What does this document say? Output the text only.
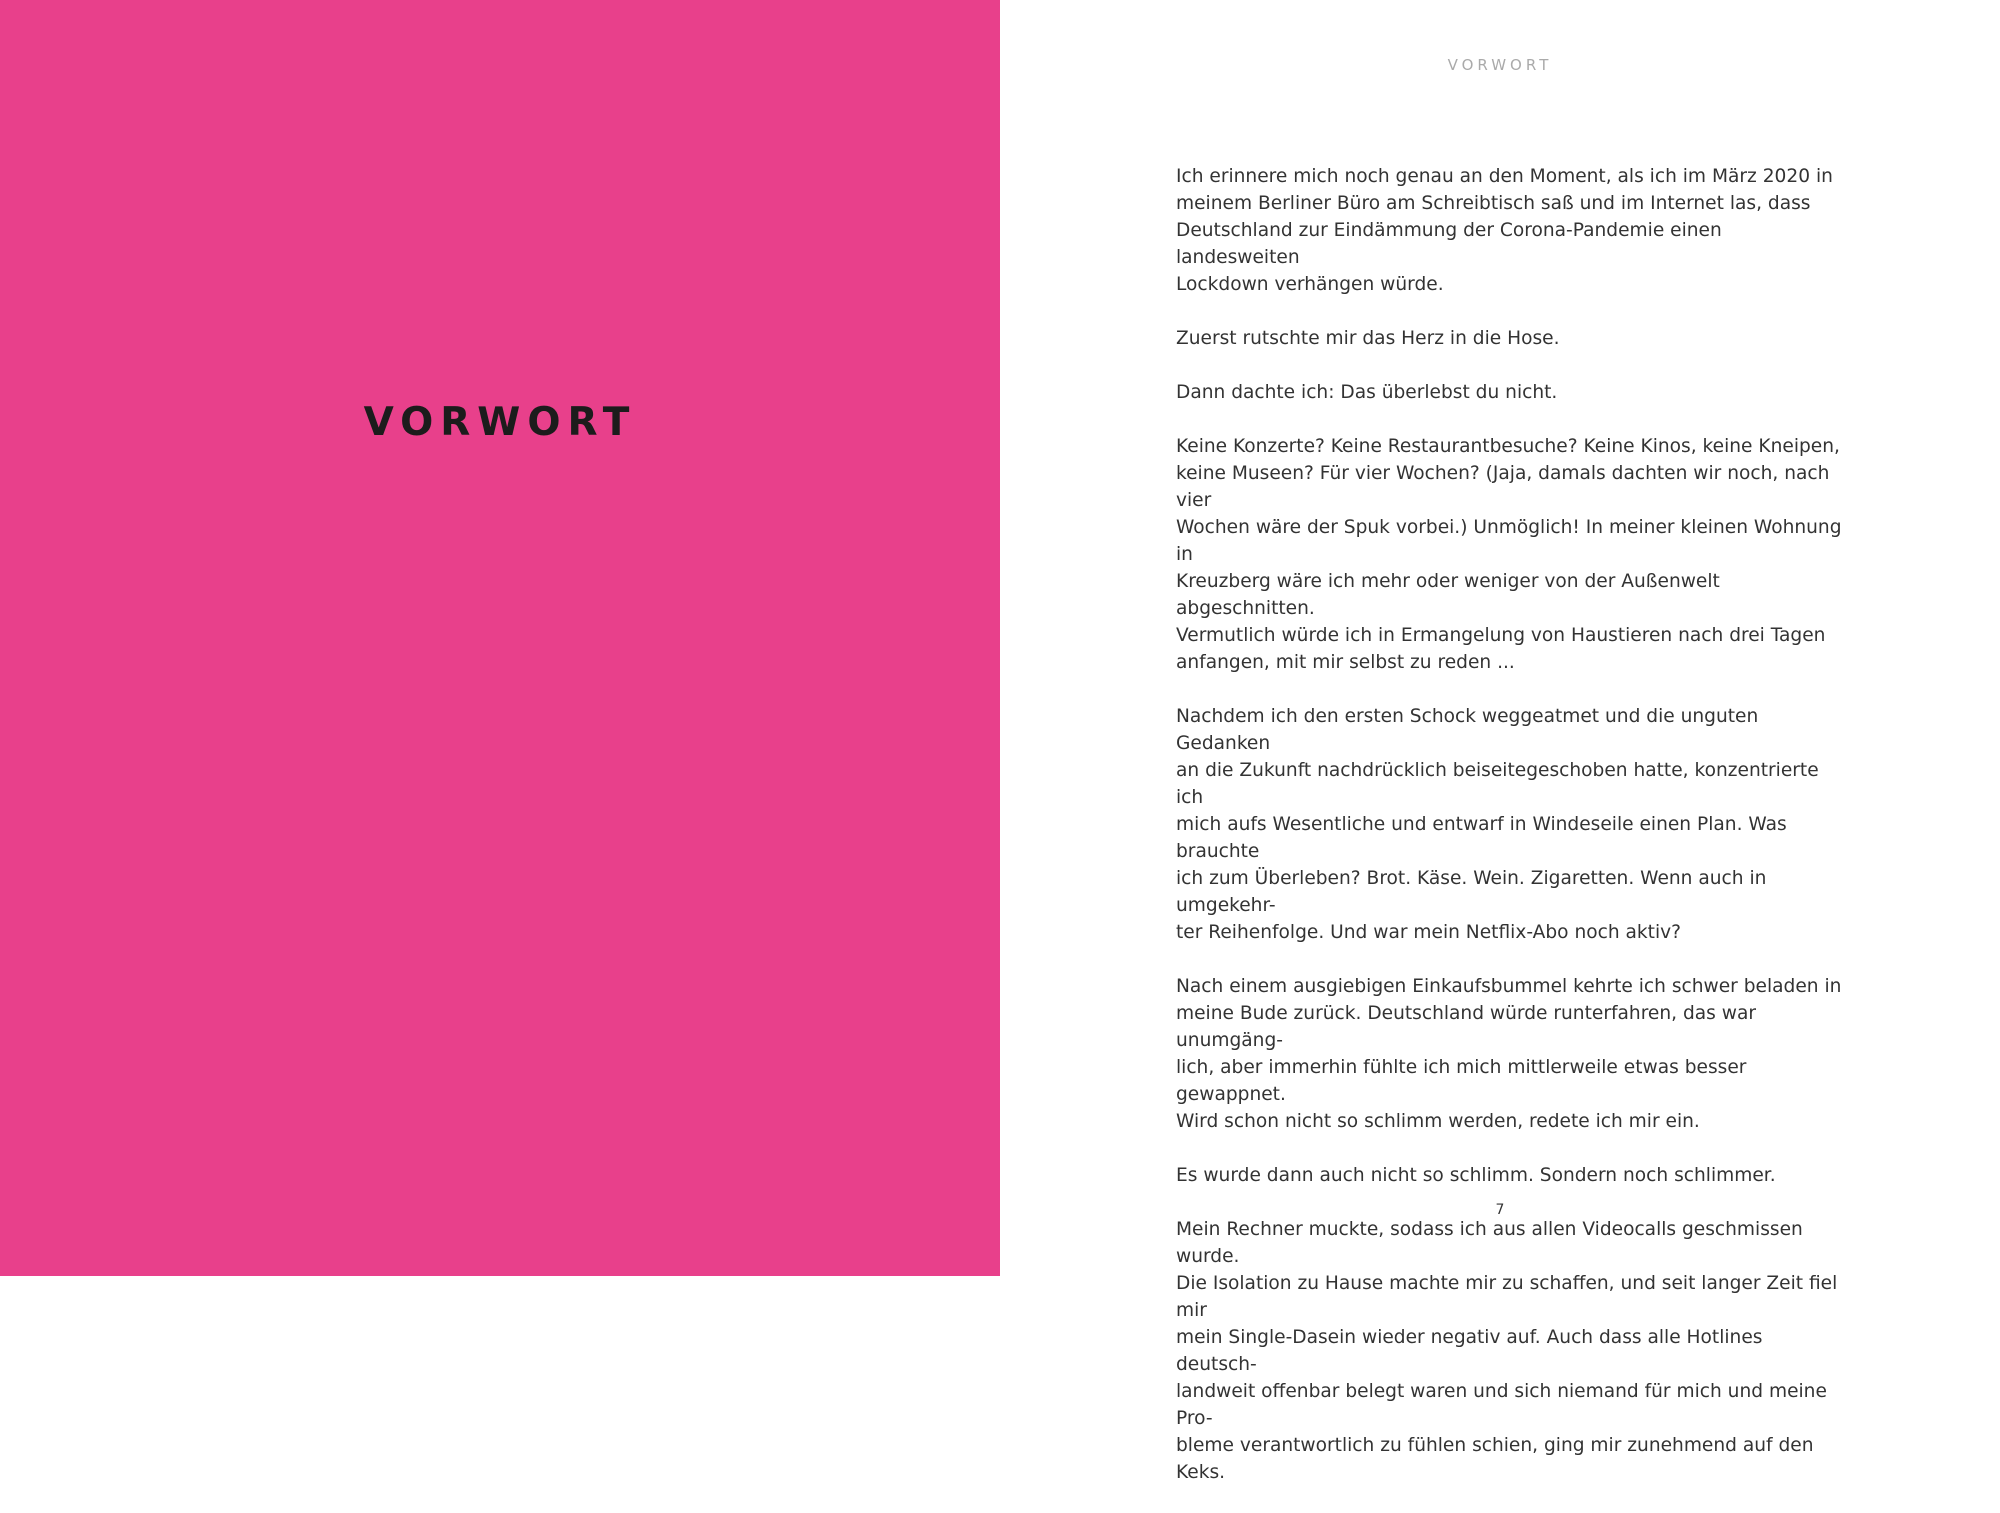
VORWORT
VORWORT

Ich erinnere mich noch genau an den Moment, als ich im März 2020 in
meinem Berliner Büro am Schreibtisch saß und im Internet las, dass
Deutschland zur Eindämmung der Corona-Pandemie einen landesweiten
Lockdown verhängen würde.

Zuerst rutschte mir das Herz in die Hose.

Dann dachte ich: Das überlebst du nicht.

Keine Konzerte? Keine Restaurantbesuche? Keine Kinos, keine Kneipen,
keine Museen? Für vier Wochen? (Jaja, damals dachten wir noch, nach vier
Wochen wäre der Spuk vorbei.) Unmöglich! In meiner kleinen Wohnung in
Kreuzberg wäre ich mehr oder weniger von der Außenwelt abgeschnitten.
Vermutlich würde ich in Ermangelung von Haustieren nach drei Tagen
anfangen, mit mir selbst zu reden ...

Nachdem ich den ersten Schock weggeatmet und die unguten Gedanken
an die Zukunft nachdrücklich beiseitegeschoben hatte, konzentrierte ich
mich aufs Wesentliche und entwarf in Windeseile einen Plan. Was brauchte
ich zum Überleben? Brot. Käse. Wein. Zigaretten. Wenn auch in umgekehr-
ter Reihenfolge. Und war mein Netflix-Abo noch aktiv?

Nach einem ausgiebigen Einkaufsbummel kehrte ich schwer beladen in
meine Bude zurück. Deutschland würde runterfahren, das war unumgäng-
lich, aber immerhin fühlte ich mich mittlerweile etwas besser gewappnet.
Wird schon nicht so schlimm werden, redete ich mir ein.

Es wurde dann auch nicht so schlimm. Sondern noch schlimmer.

Mein Rechner muckte, sodass ich aus allen Videocalls geschmissen wurde.
Die Isolation zu Hause machte mir zu schaffen, und seit langer Zeit fiel mir
mein Single-Dasein wieder negativ auf. Auch dass alle Hotlines deutsch-
landweit offenbar belegt waren und sich niemand für mich und meine Pro-
bleme verantwortlich zu fühlen schien, ging mir zunehmend auf den Keks.

7
